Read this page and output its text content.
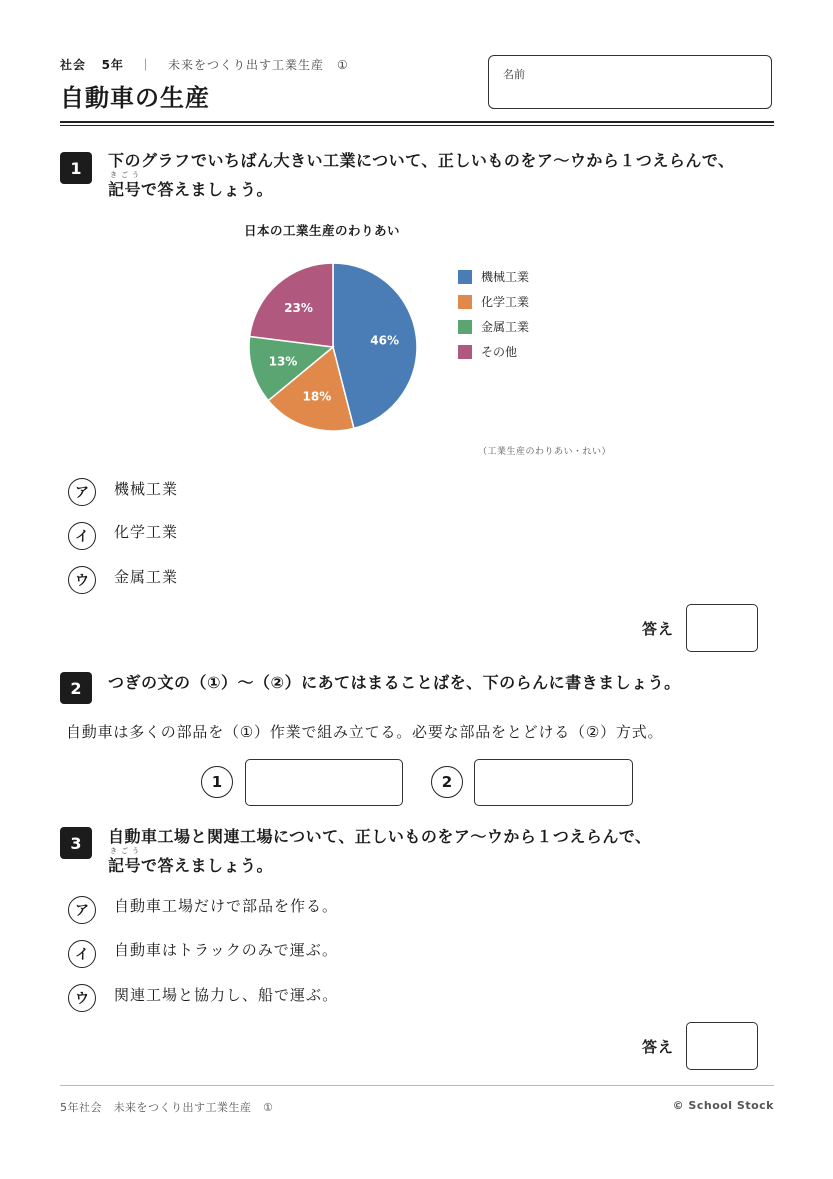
社会 5年 ｜ 未来をつくり出す工業生産　①
自動車の生産
名前
1	下のグラフでいちばん大きい工業について、正しいものをア〜ウから１つえらんで、
きごう
記号で答えましょう。
日本の工業生産のわりあい
46%
18%
13%
23%
機械工業
化学工業
金属工業
その他
（工業生産のわりあい・れい）
ア	機械工業
イ	化学工業
ウ	金属工業
答え
2	つぎの文の（①）〜（②）にあてはまることばを、下のらんに書きましょう。
自動車は多くの部品を（①）作業で組み立てる。必要な部品をとどける（②）方式。
1	2
3	自動車工場と関連工場について、正しいものをア〜ウから１つえらんで、
きごう
記号で答えましょう。
ア	自動車工場だけで部品を作る。
イ	自動車はトラックのみで運ぶ。
ウ	関連工場と協力し、船で運ぶ。
答え
5年社会　未来をつくり出す工業生産　①	© School Stock
